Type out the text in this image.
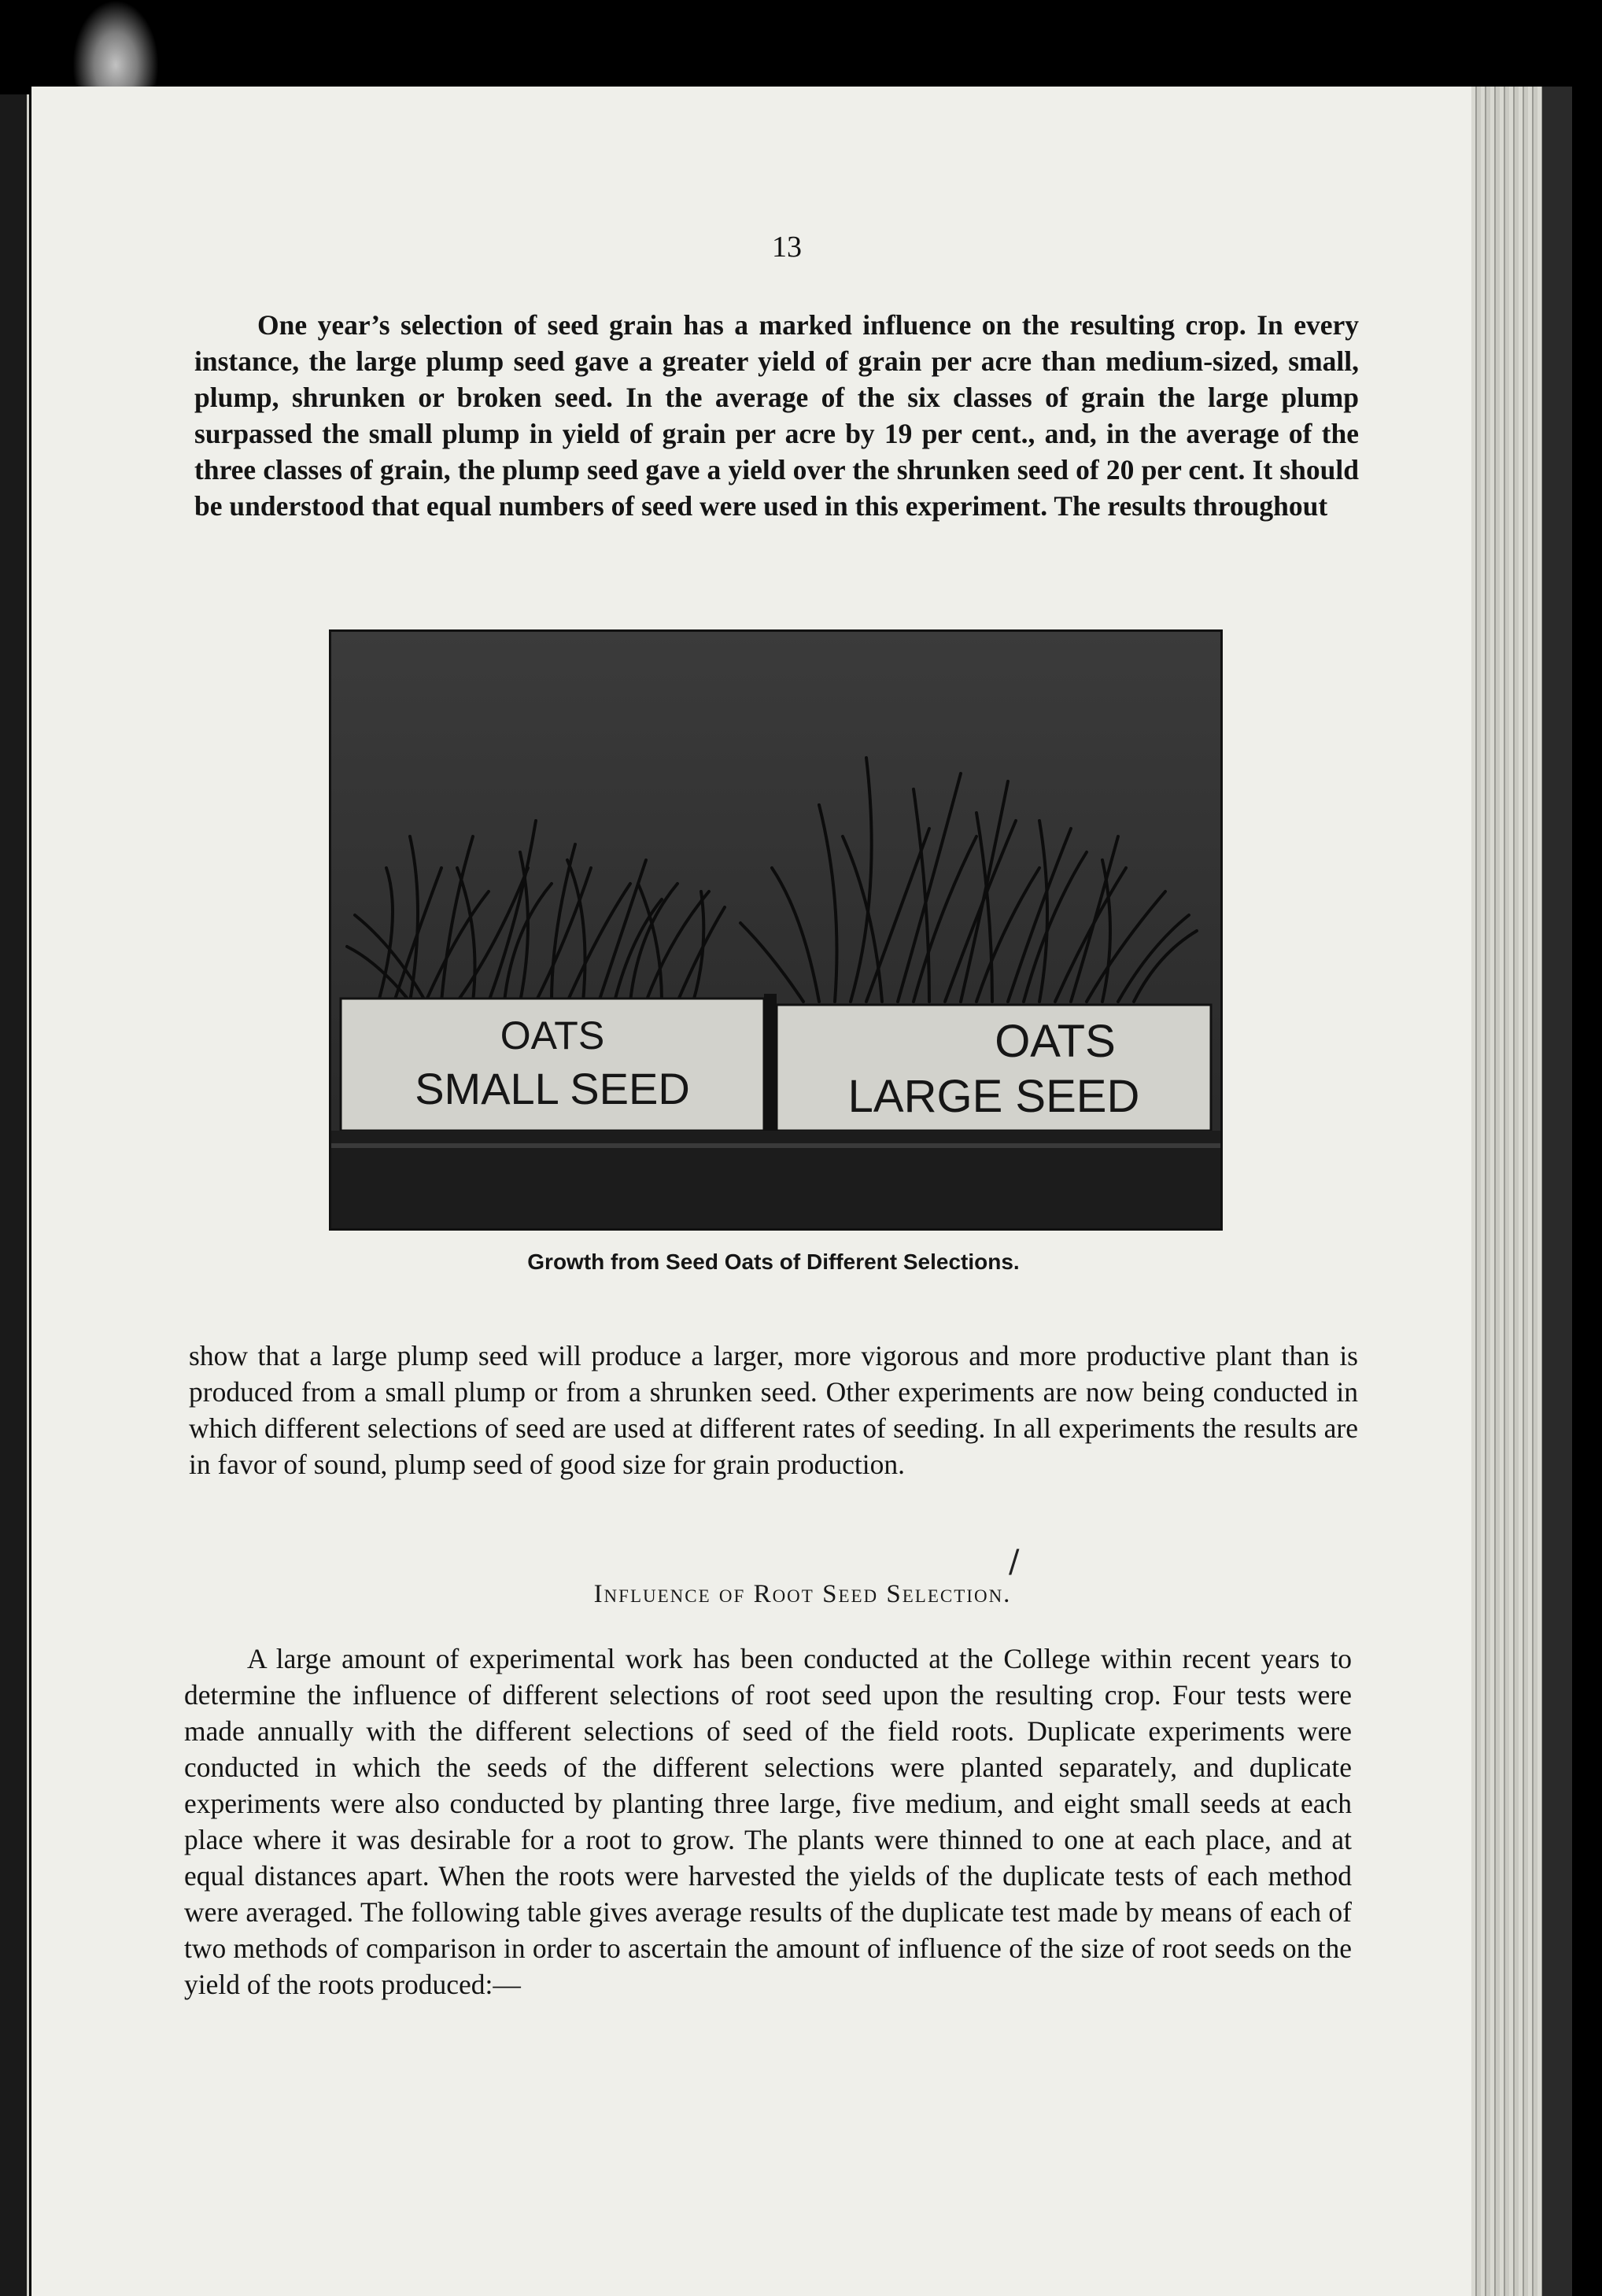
13

One year’s selection of seed grain has a marked influence on the resulting crop. In every instance, the large plump seed gave a greater yield of grain per acre than medium-sized, small, plump, shrunken or broken seed. In the average of the six classes of grain the large plump surpassed the small plump in yield of grain per acre by 19 per cent., and, in the average of the three classes of grain, the plump seed gave a yield over the shrunken seed of 20 per cent. It should be understood that equal numbers of seed were used in this experiment. The results throughout

OATS
SMALL SEED
OATS
LARGE SEED
Growth from Seed Oats of Different Selections.

show that a large plump seed will produce a larger, more vigorous and more productive plant than is produced from a small plump or from a shrunken seed. Other experiments are now being conducted in which different selections of seed are used at different rates of seeding. In all experiments the results are in favor of sound, plump seed of good size for grain production.

/
Influence of Root Seed Selection.

A large amount of experimental work has been conducted at the College within recent years to determine the influence of different selections of root seed upon the resulting crop. Four tests were made annually with the different selections of seed of the field roots. Duplicate experiments were conducted in which the seeds of the different selections were planted separately, and duplicate experiments were also conducted by planting three large, five medium, and eight small seeds at each place where it was desirable for a root to grow. The plants were thinned to one at each place, and at equal distances apart. When the roots were harvested the yields of the duplicate tests of each method were averaged. The following table gives average results of the duplicate test made by means of each of two methods of comparison in order to ascertain the amount of influence of the size of root seeds on the yield of the roots produced:—
